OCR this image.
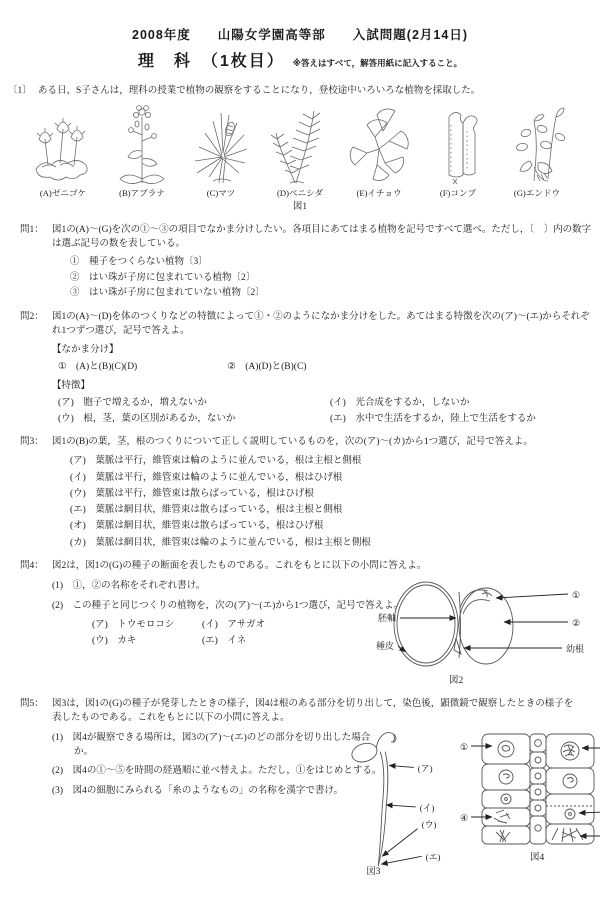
2008年度　　山陽女学園高等部　　入試問題(2月14日)
理　科　（1枚目） ※答えはすべて，解答用紙に記入すること。
〔1〕 ある日，S子さんは，理科の授業で植物の観察をすることになり，登校途中いろいろな植物を採取した。
(A)ゼニゴケ	(B)アブラナ	(C)マツ	(D)ベニシダ	(E)イチョウ	(F)コンブ	(G)エンドウ
図1
問1： 図1の(A)～(G)を次の①～③の項目でなかま分けしたい。各項目にあてはまる植物を記号ですべて選べ。ただし，〔　〕内の数字は選ぶ記号の数を表している。
①　種子をつくらない植物〔3〕
②　はい珠が子房に包まれている植物〔2〕
③　はい珠が子房に包まれていない植物〔2〕
問2： 図1の(A)～(D)を体のつくりなどの特徴によって①・②のようになかま分けをした。あてはまる特徴を次の(ア)～(エ)からそれぞれ1つずつ選び，記号で答えよ。
【なかま分け】
①　(A)と(B)(C)(D)	②　(A)(D)と(B)(C)
【特徴】
(ア)　胞子で増えるか，増えないか	(イ)　光合成をするか，しないか
(ウ)　根，茎，葉の区別があるか，ないか	(エ)　水中で生活をするか，陸上で生活をするか
問3： 図1の(B)の葉，茎，根のつくりについて正しく説明しているものを，次の(ア)～(カ)から1つ選び，記号で答えよ。
(ア)　葉脈は平行，維管束は輪のように並んでいる，根は主根と側根
(イ)　葉脈は平行，維管束は輪のように並んでいる，根はひげ根
(ウ)　葉脈は平行，維管束は散らばっている，根はひげ根
(エ)　葉脈は網目状，維管束は散らばっている，根は主根と側根
(オ)　葉脈は網目状，維管束は散らばっている，根はひげ根
(カ)　葉脈は網目状，維管束は輪のように並んでいる，根は主根と側根
問4： 図2は，図1の(G)の種子の断面を表したものである。これをもとに以下の小問に答えよ。
(1)　①，②の名称をそれぞれ書け。
(2)　この種子と同じつくりの植物を，次の(ア)～(エ)から1つ選び，記号で答えよ。
(ア)　トウモロコシ	(イ)　アサガオ
(ウ)　カキ	(エ)　イネ
胚軸
種皮
①
②
幼根
図2
問5： 図3は，図1の(G)の種子が発芽したときの様子，図4は根のある部分を切り出して，染色後，顕微鏡で観察したときの様子を表したものである。これをもとに以下の小問に答えよ。
(1)　図4が観察できる場所は，図3の(ア)～(エ)のどの部分を切り出した場合か。
(2)　図4の①～⑤を時間の経過順に並べ替えよ。ただし，①をはじめとする。
(3)　図4の細胞にみられる「糸のようなもの」の名称を漢字で書け。
(ア)
(イ)
(ウ)
(エ)
図3
①
④
図4
